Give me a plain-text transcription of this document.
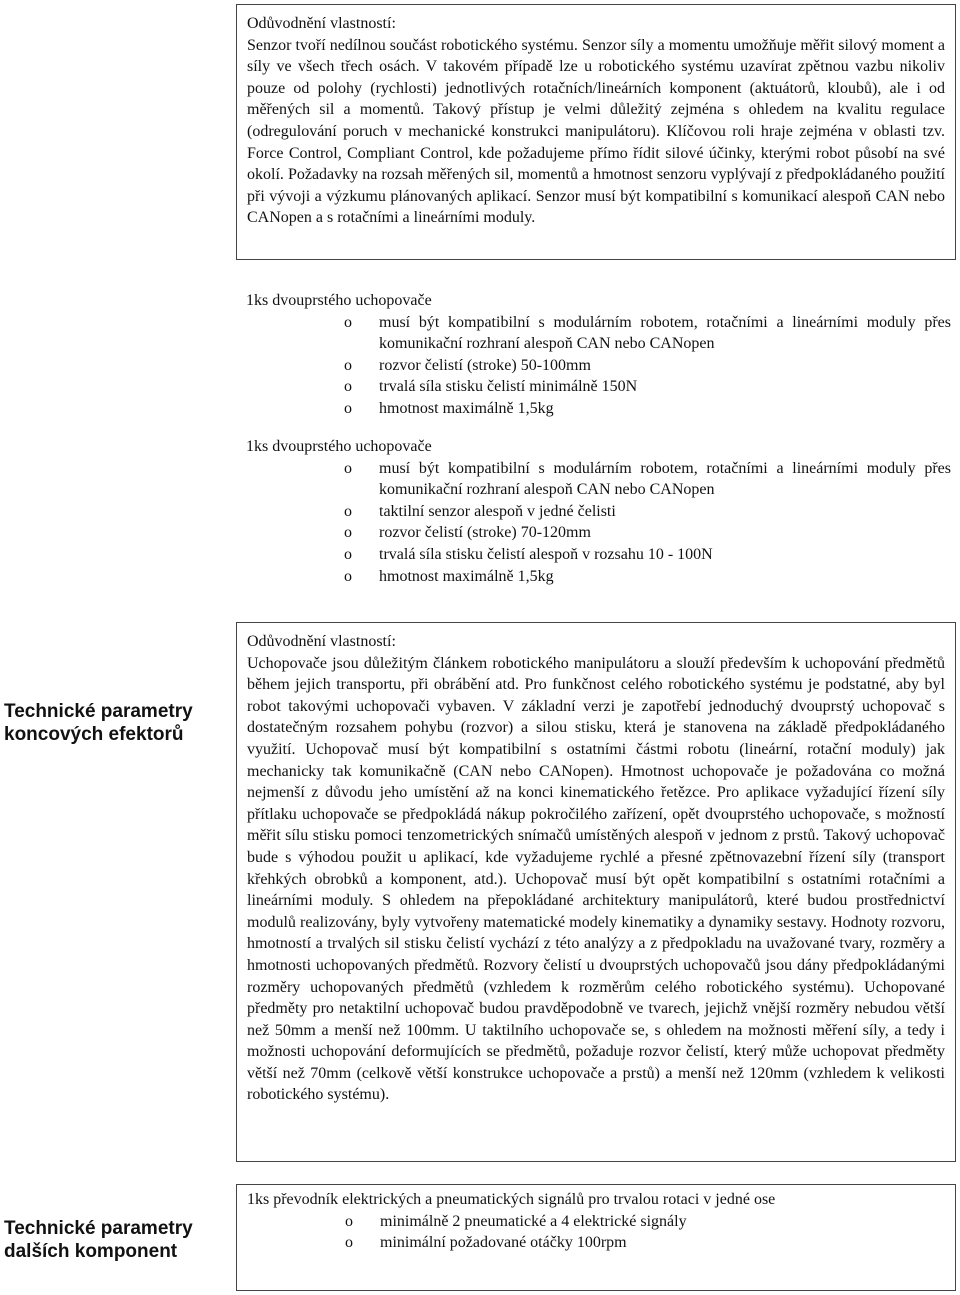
Odůvodnění vlastností:

Senzor tvoří nedílnou součást robotického systému. Senzor síly a momentu umožňuje měřit silový moment a síly ve všech třech osách. V takovém případě lze u robotického systému uzavírat zpětnou vazbu nikoliv pouze od polohy (rychlosti) jednotlivých rotačních/lineárních komponent (aktuátorů, kloubů), ale i od měřených sil a momentů. Takový přístup je velmi důležitý zejména s ohledem na kvalitu regulace (odregulování poruch v mechanické konstrukci manipulátoru). Klíčovou roli hraje zejména v oblasti tzv. Force Control, Compliant Control, kde požadujeme přímo řídit silové účinky, kterými robot působí na své okolí. Požadavky na rozsah měřených sil, momentů a hmotnost senzoru vyplývají z předpokládaného použití při vývoji a výzkumu plánovaných aplikací. Senzor musí být kompatibilní s komunikací alespoň CAN nebo CANopen a s rotačními a lineárními moduly.

1ks dvouprstého uchopovače

o musí být kompatibilní s modulárním robotem, rotačními a lineárními moduly přes komunikační rozhraní alespoň CAN nebo CANopen
o rozvor čelistí (stroke) 50-100mm
o trvalá síla stisku čelistí minimálně 150N
o hmotnost maximálně 1,5kg

1ks dvouprstého uchopovače

o musí být kompatibilní s modulárním robotem, rotačními a lineárními moduly přes komunikační rozhraní alespoň CAN nebo CANopen
o taktilní senzor alespoň v jedné čelisti
o rozvor čelistí (stroke) 70-120mm
o trvalá síla stisku čelistí alespoň v rozsahu 10 - 100N
o hmotnost maximálně 1,5kg
Technické parametry
koncových efektorů

Odůvodnění vlastností:

Uchopovače jsou důležitým článkem robotického manipulátoru a slouží především k uchopování předmětů během jejich transportu, při obrábění atd. Pro funkčnost celého robotického systému je podstatné, aby byl robot takovými uchopovači vybaven. V základní verzi je zapotřebí jednoduchý dvouprstý uchopovač s dostatečným rozsahem pohybu (rozvor) a silou stisku, která je stanovena na základě předpokládaného využití. Uchopovač musí být kompatibilní s ostatními částmi robotu (lineární, rotační moduly) jak mechanicky tak komunikačně (CAN nebo CANopen). Hmotnost uchopovače je požadována co možná nejmenší z důvodu jeho umístění až na konci kinematického řetězce. Pro aplikace vyžadující řízení síly přítlaku uchopovače se předpokládá nákup pokročilého zařízení, opět dvouprstého uchopovače, s možností měřit sílu stisku pomoci tenzometrických snímačů umístěných alespoň v jednom z prstů. Takový uchopovač bude s výhodou použit u aplikací, kde vyžadujeme rychlé a přesné zpětnovazební řízení síly (transport křehkých obrobků a komponent, atd.). Uchopovač musí být opět kompatibilní s ostatními rotačními a lineárními moduly. S ohledem na přepokládané architektury manipulátorů, které budou prostřednictví modulů realizovány, byly vytvořeny matematické modely kinematiky a dynamiky sestavy. Hodnoty rozvoru, hmotností a trvalých sil stisku čelistí vychází z této analýzy a z předpokladu na uvažované tvary, rozměry a hmotnosti uchopovaných předmětů. Rozvory čelistí u dvouprstých uchopovačů jsou dány předpokládanými rozměry uchopovaných předmětů (vzhledem k rozměrům celého robotického systému). Uchopované předměty pro netaktilní uchopovač budou pravděpodobně ve tvarech, jejichž vnější rozměry nebudou větší než 50mm a menší než 100mm. U taktilního uchopovače se, s ohledem na možnosti měření síly, a tedy i možnosti uchopování deformujících se předmětů, požaduje rozvor čelistí, který může uchopovat předměty větší než 70mm (celkově větší konstrukce uchopovače a prstů) a menší než 120mm (vzhledem k velikosti robotického systému).

Technické parametry
dalších komponent

1ks převodník elektrických a pneumatických signálů pro trvalou rotaci v jedné ose

o minimálně 2 pneumatické a 4 elektrické signály
o minimální požadované otáčky 100rpm
